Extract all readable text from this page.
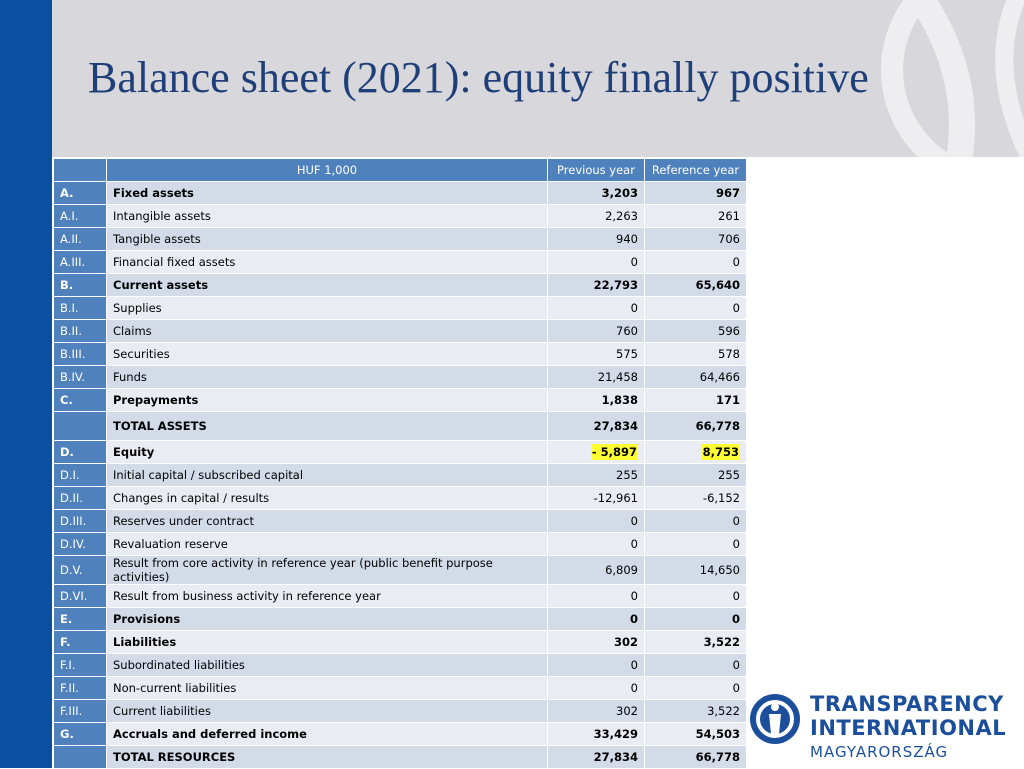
Balance sheet (2021): equity finally positive
	HUF 1,000	Previous year	Reference year
A.	Fixed assets	3,203	967
A.I.	Intangible assets	2,263	261
A.II.	Tangible assets	940	706
A.III.	Financial fixed assets	0	0
B.	Current assets	22,793	65,640
B.I.	Supplies	0	0
B.II.	Claims	760	596
B.III.	Securities	575	578
B.IV.	Funds	21,458	64,466
C.	Prepayments	1,838	171
	TOTAL ASSETS	27,834	66,778
D.	Equity	- 5,897	8,753
D.I.	Initial capital / subscribed capital	255	255
D.II.	Changes in capital / results	-12,961	-6,152
D.III.	Reserves under contract	0	0
D.IV.	Revaluation reserve	0	0
D.V.	Result from core activity in reference year (public benefit purpose activities)	6,809	14,650
D.VI.	Result from business activity in reference year	0	0
E.	Provisions	0	0
F.	Liabilities	302	3,522
F.I.	Subordinated liabilities	0	0
F.II.	Non-current liabilities	0	0
F.III.	Current liabilities	302	3,522
G.	Accruals and deferred income	33,429	54,503
	TOTAL RESOURCES	27,834	66,778
TRANSPARENCY
INTERNATIONAL
MAGYARORSZÁG
